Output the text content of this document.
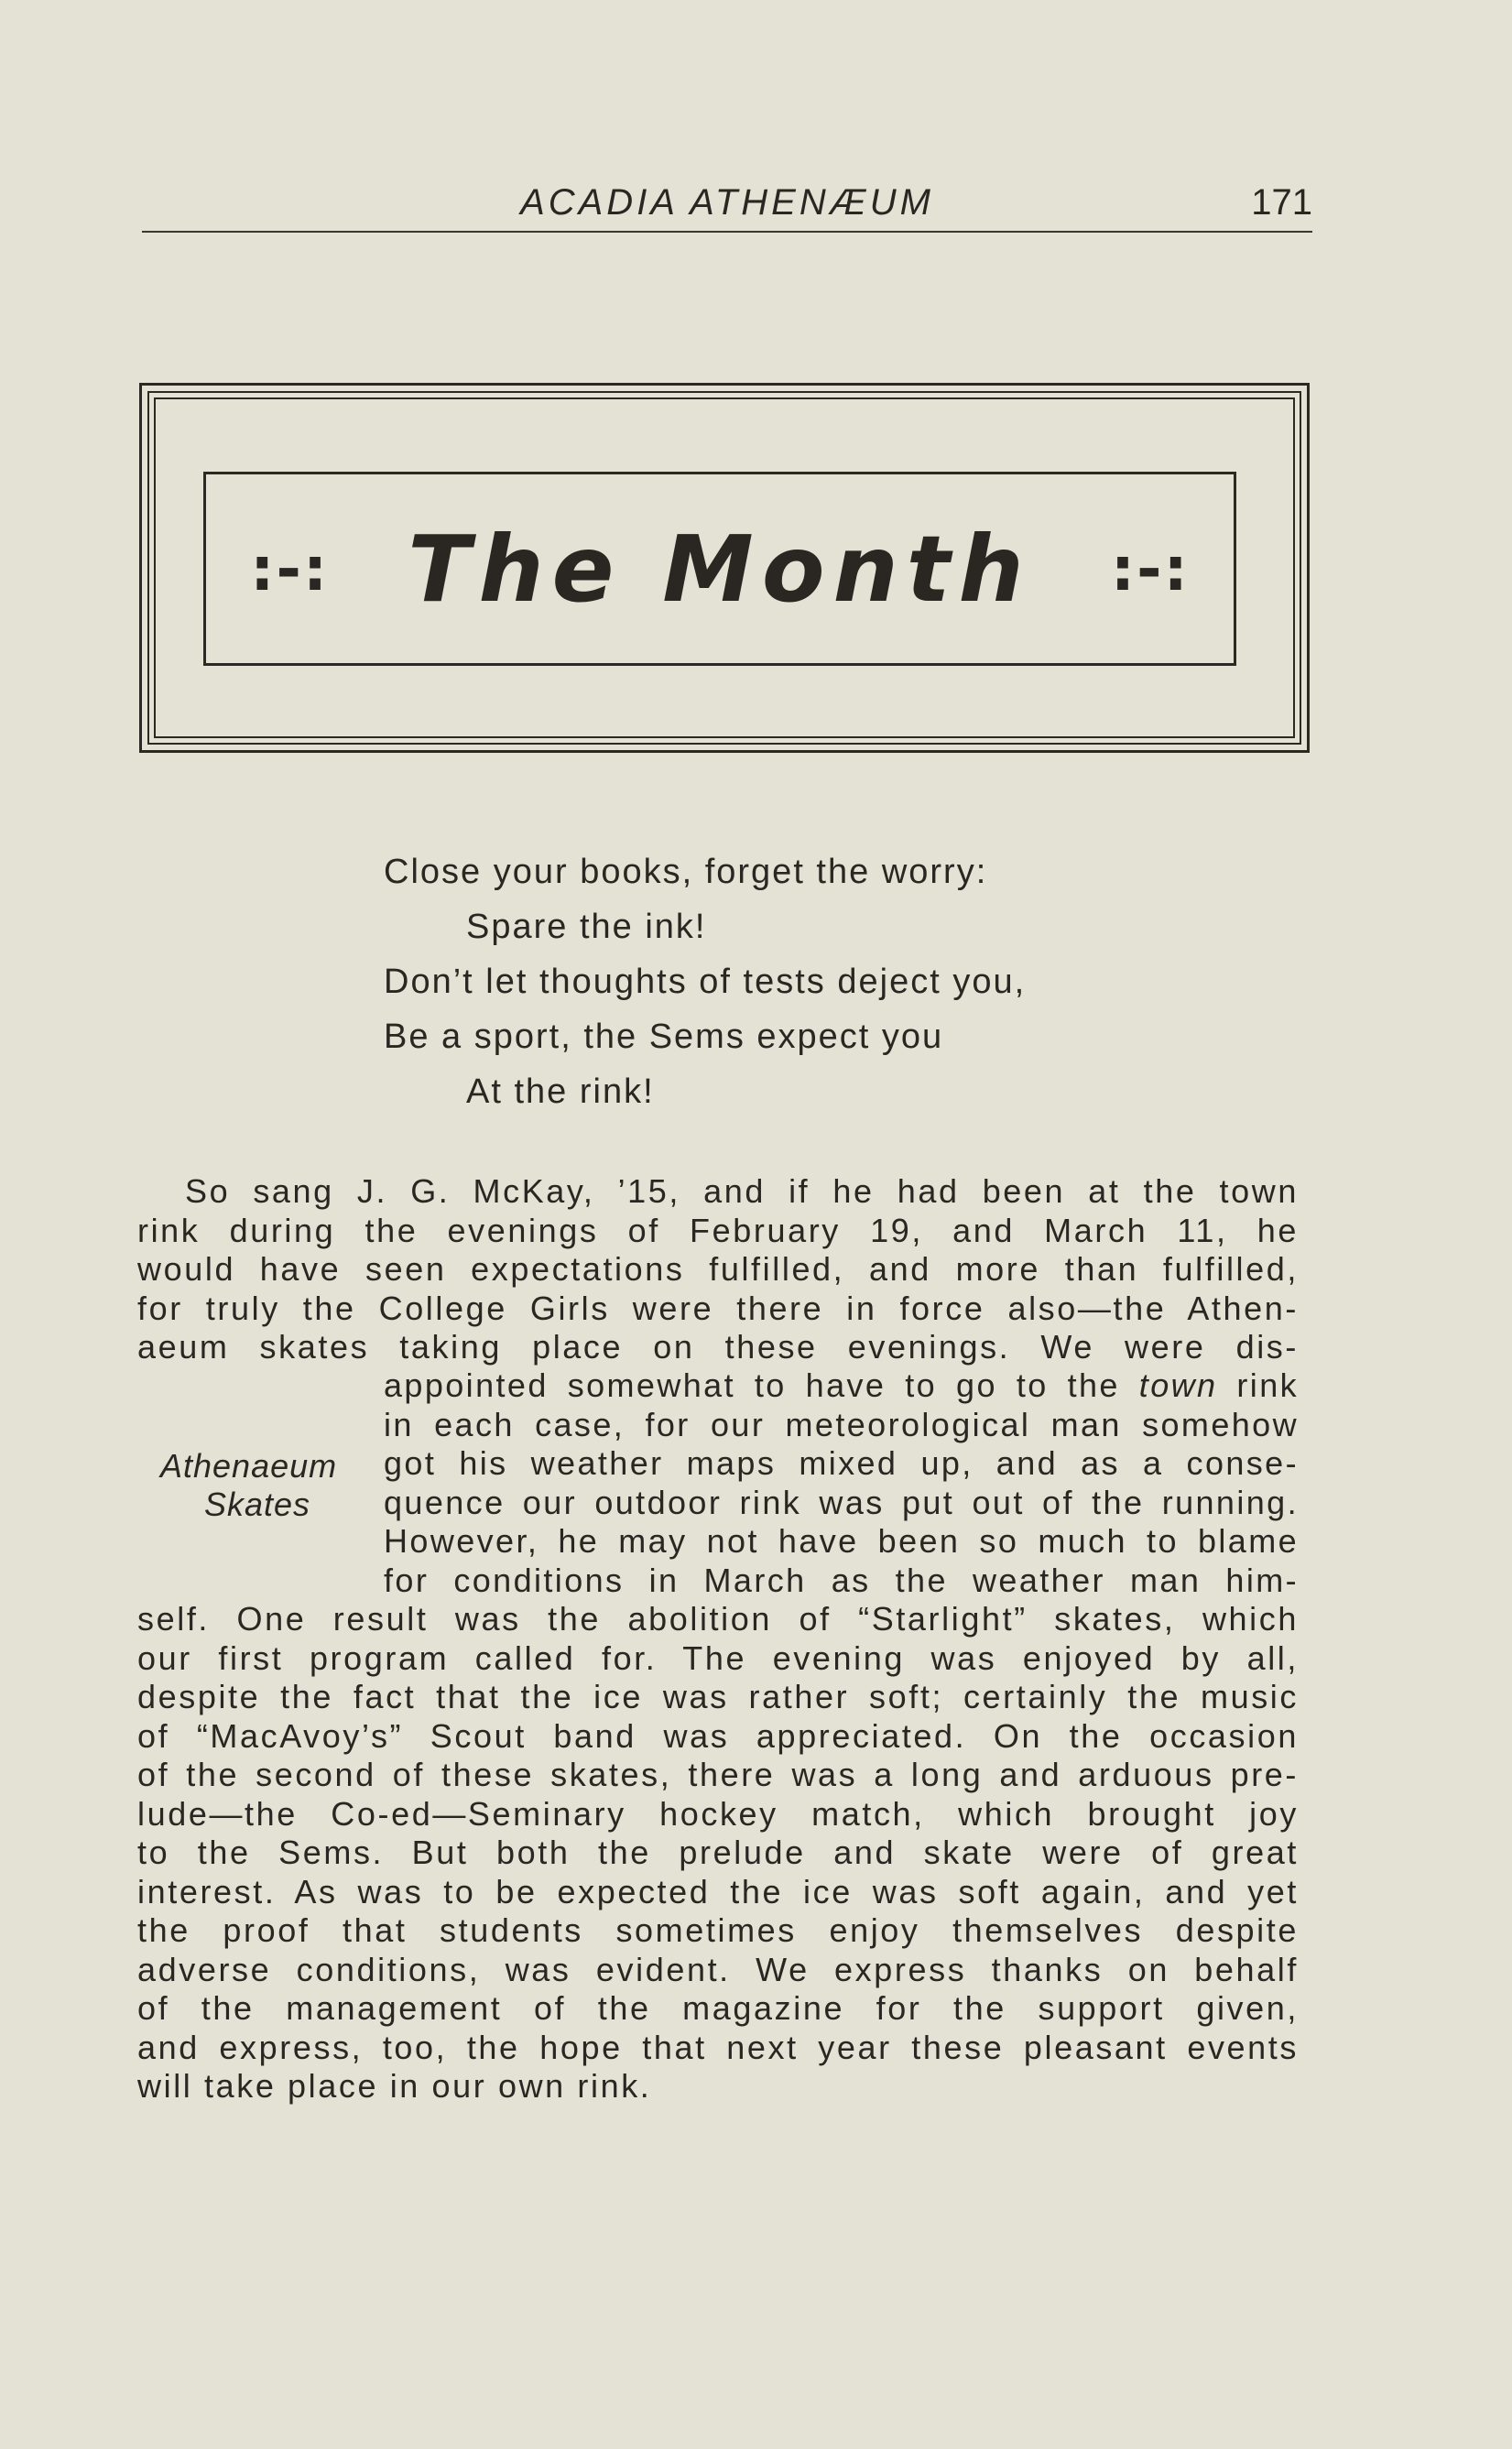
ACADIA ATHENÆUM	171
:-: The Month :-:
Close your books, forget the worry:
Spare the ink!
Don’t let thoughts of tests deject you,
Be a sport, the Sems expect you
At the rink!
So sang J. G. McKay, ’15, and if he had been at the town
rink during the evenings of February 19, and March 11, he
would have seen expectations fulfilled, and more than fulfilled,
for truly the College Girls were there in force also—the Athen-
aeum skates taking place on these evenings. We were dis-
Athenaeum
Skates
appointed somewhat to have to go to the town rink
in each case, for our meteorological man somehow
got his weather maps mixed up, and as a conse-
quence our outdoor rink was put out of the running.
However, he may not have been so much to blame
for conditions in March as the weather man him-
self. One result was the abolition of “Starlight” skates, which
our first program called for. The evening was enjoyed by all,
despite the fact that the ice was rather soft; certainly the music
of “MacAvoy’s” Scout band was appreciated. On the occasion
of the second of these skates, there was a long and arduous pre-
lude—the Co-ed—Seminary hockey match, which brought joy
to the Sems. But both the prelude and skate were of great
interest. As was to be expected the ice was soft again, and yet
the proof that students sometimes enjoy themselves despite
adverse conditions, was evident. We express thanks on behalf
of the management of the magazine for the support given,
and express, too, the hope that next year these pleasant events
will take place in our own rink.
